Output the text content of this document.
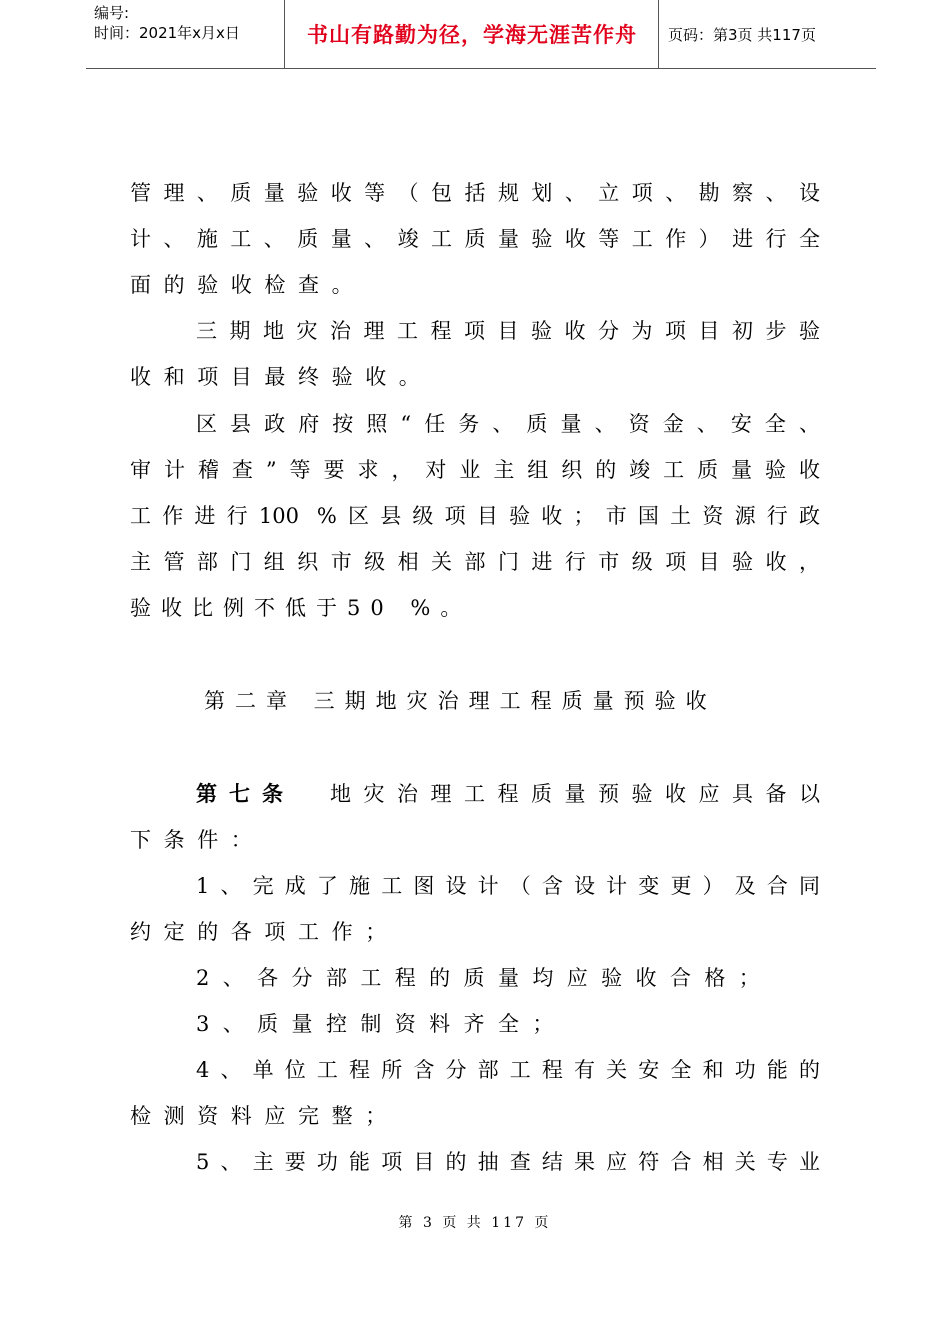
编号:
时间：2021年x月x日	书山有路勤为径，学海无涯苦作舟	页码：第3页 共117页
管理、质量验收等（包括规划、立项、勘察、设
计、施工、质量、竣工质量验收等工作）进行全
面的验收检查。
三期地灾治理工程项目验收分为项目初步验
收和项目最终验收。
区县政府按照“任务、质量、资金、安全、
审计稽查”等要求，对业主组织的竣工质量验收
工作进行100 %区县级项目验收；市国土资源行政
主管部门组织市级相关部门进行市级项目验收，
验收比例不低于50 %。
第二章 三期地灾治理工程质量预验收
第七条 地灾治理工程质量预验收应具备以
下条件：
1、完成了施工图设计（含设计变更）及合同
约定的各项工作；
2、各分部工程的质量均应验收合格；
3、质量控制资料齐全；
4、单位工程所含分部工程有关安全和功能的
检测资料应完整；
5、主要功能项目的抽查结果应符合相关专业
第 3 页 共 117 页
